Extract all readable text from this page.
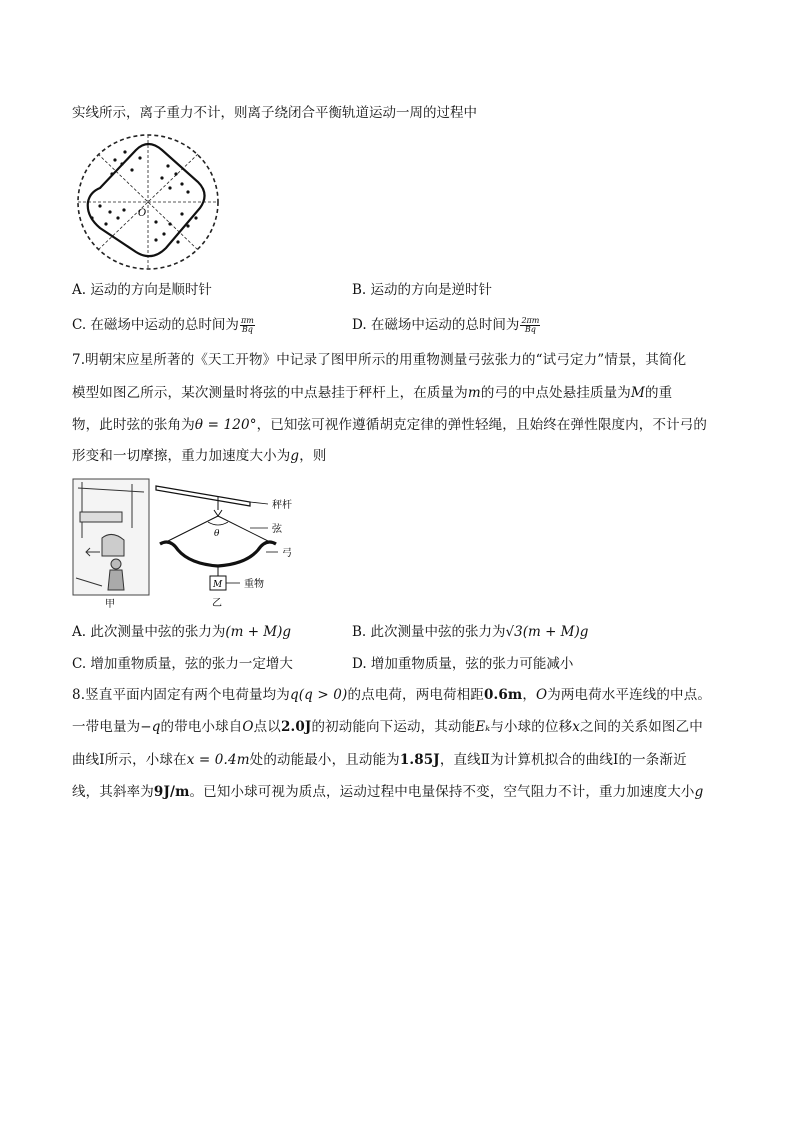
实线所示，离子重力不计，则离子绕闭合平衡轨道运动一周的过程中
O
A. 运动的方向是顺时针	B. 运动的方向是逆时针
C. 在磁场中运动的总时间为 $\frac{\pi m}{Bq}$	D. 在磁场中运动的总时间为 $\frac{2\pi m}{Bq}$
7.明朝宋应星所著的《天工开物》中记录了图甲所示的用重物测量弓弦张力的“试弓定力”情景，其简化
模型如图乙所示，某次测量时将弦的中点悬挂于秤杆上，在质量为m的弓的中点处悬挂质量为M的重
物，此时弦的张角为θ = 120°，已知弦可视作遵循胡克定律的弹性轻绳，且始终在弹性限度内，不计弓的
形变和一切摩擦，重力加速度大小为g，则
甲
秤杆
θ	弦
弓
M 重物
乙
A. 此次测量中弦的张力为(m + M)g	B. 此次测量中弦的张力为√3(m + M)g
C. 增加重物质量，弦的张力一定增大	D. 增加重物质量，弦的张力可能减小
8.竖直平面内固定有两个电荷量均为q(q > 0)的点电荷，两电荷相距0.6m，O为两电荷水平连线的中点。
一带电量为−q的带电小球自O点以2.0J的初动能向下运动，其动能Eₖ与小球的位移x之间的关系如图乙中
曲线Ⅰ所示，小球在x = 0.4m处的动能最小，且动能为1.85J，直线Ⅱ为计算机拟合的曲线Ⅰ的一条渐近
线，其斜率为9J/m。已知小球可视为质点，运动过程中电量保持不变，空气阻力不计，重力加速度大小g
